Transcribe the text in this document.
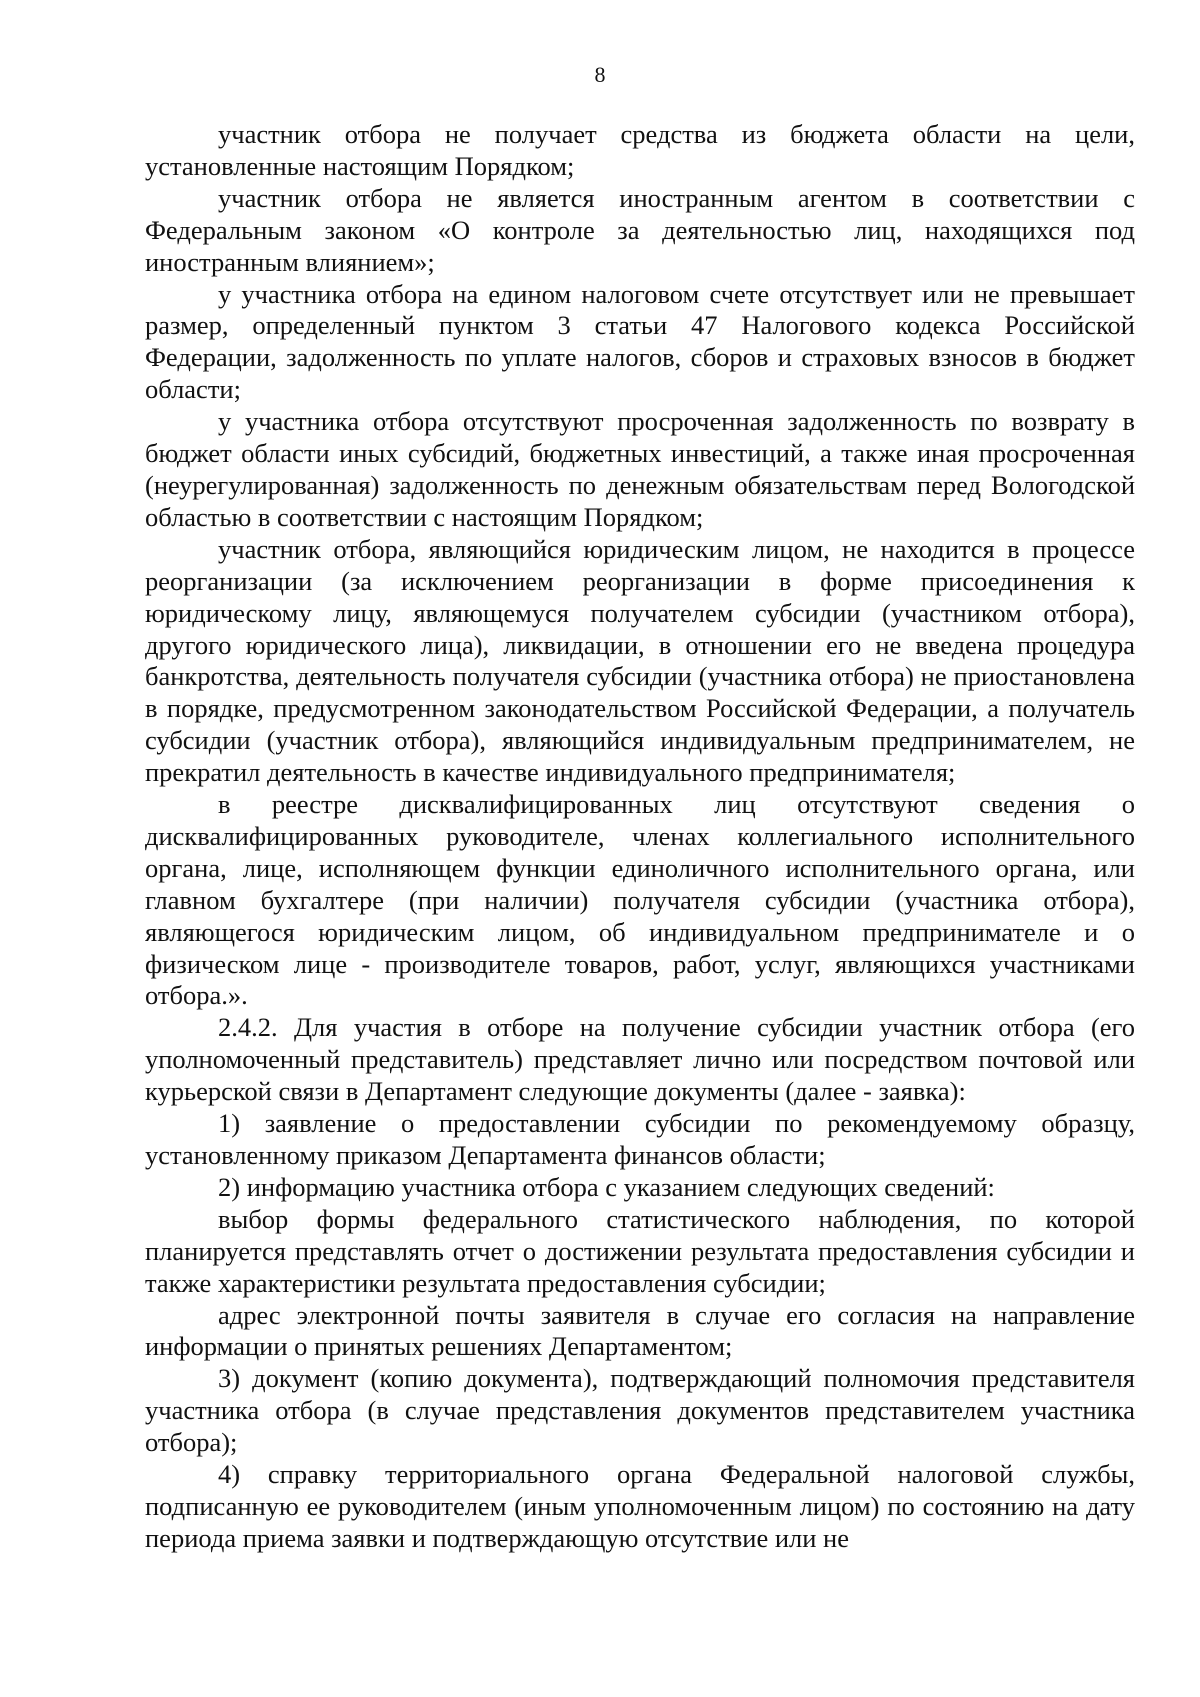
8

участник отбора не получает средства из бюджета области на цели, установленные настоящим Порядком;

участник отбора не является иностранным агентом в соответствии с Федеральным законом «О контроле за деятельностью лиц, находящихся под иностранным влиянием»;

у участника отбора на едином налоговом счете отсутствует или не превышает размер, определенный пунктом 3 статьи 47 Налогового кодекса Российской Федерации, задолженность по уплате налогов, сборов и страховых взносов в бюджет области;

у участника отбора отсутствуют просроченная задолженность по возврату в бюджет области иных субсидий, бюджетных инвестиций, а также иная просроченная (неурегулированная) задолженность по денежным обязательствам перед Вологодской областью в соответствии с настоящим Порядком;

участник отбора, являющийся юридическим лицом, не находится в процессе реорганизации (за исключением реорганизации в форме присоединения к юридическому лицу, являющемуся получателем субсидии (участником отбора), другого юридического лица), ликвидации, в отношении его не введена процедура банкротства, деятельность получателя субсидии (участника отбора) не приостановлена в порядке, предусмотренном законодательством Российской Федерации, а получатель субсидии (участник отбора), являющийся индивидуальным предпринимателем, не прекратил деятельность в качестве индивидуального предпринимателя;

в реестре дисквалифицированных лиц отсутствуют сведения о дисквалифицированных руководителе, членах коллегиального исполнительного органа, лице, исполняющем функции единоличного исполнительного органа, или главном бухгалтере (при наличии) получателя субсидии (участника отбора), являющегося юридическим лицом, об индивидуальном предпринимателе и о физическом лице - производителе товаров, работ, услуг, являющихся участниками отбора.».

2.4.2. Для участия в отборе на получение субсидии участник отбора (его уполномоченный представитель) представляет лично или посредством почтовой или курьерской связи в Департамент следующие документы (далее - заявка):

1) заявление о предоставлении субсидии по рекомендуемому образцу, установленному приказом Департамента финансов области;

2) информацию участника отбора с указанием следующих сведений:

выбор формы федерального статистического наблюдения, по которой планируется представлять отчет о достижении результата предоставления субсидии и также характеристики результата предоставления субсидии;

адрес электронной почты заявителя в случае его согласия на направление информации о принятых решениях Департаментом;

3) документ (копию документа), подтверждающий полномочия представителя участника отбора (в случае представления документов представителем участника отбора);

4) справку территориального органа Федеральной налоговой службы, подписанную ее руководителем (иным уполномоченным лицом) по состоянию на дату периода приема заявки и подтверждающую отсутствие или не
